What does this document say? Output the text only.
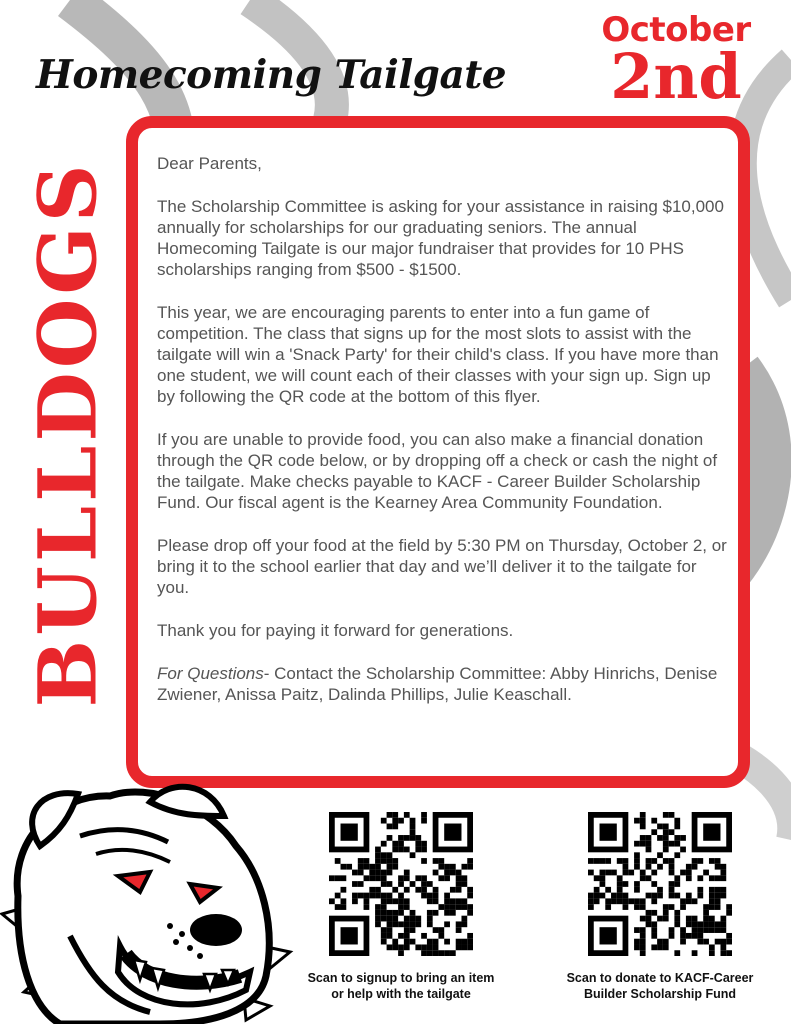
Homecoming Tailgate
October
2nd
BULLDOGS Dear Parents,

The Scholarship Committee is asking for your assistance in raising $10,000 annually for scholarships for our graduating seniors. The annual Homecoming Tailgate is our major fundraiser that provides for 10 PHS scholarships ranging from $500 - $1500.

This year, we are encouraging parents to enter into a fun game of competition. The class that signs up for the most slots to assist with the tailgate will win a 'Snack Party' for their child's class. If you have more than one student, we will count each of their classes with your sign up. Sign up by following the QR code at the bottom of this flyer.

If you are unable to provide food, you can also make a financial donation through the QR code below, or by dropping off a check or cash the night of the tailgate. Make checks payable to KACF - Career Builder Scholarship Fund. Our fiscal agent is the Kearney Area Community Foundation.

Please drop off your food at the field by 5:30 PM on Thursday, October 2, or bring it to the school earlier that day and we’ll deliver it to the tailgate for you.

Thank you for paying it forward for generations.

For Questions- Contact the Scholarship Committee: Abby Hinrichs, Denise Zwiener, Anissa Paitz, Dalinda Phillips, Julie Keaschall.

Scan to signup to bring an item
or help with the tailgate
Scan to donate to KACF-Career
Builder Scholarship Fund
